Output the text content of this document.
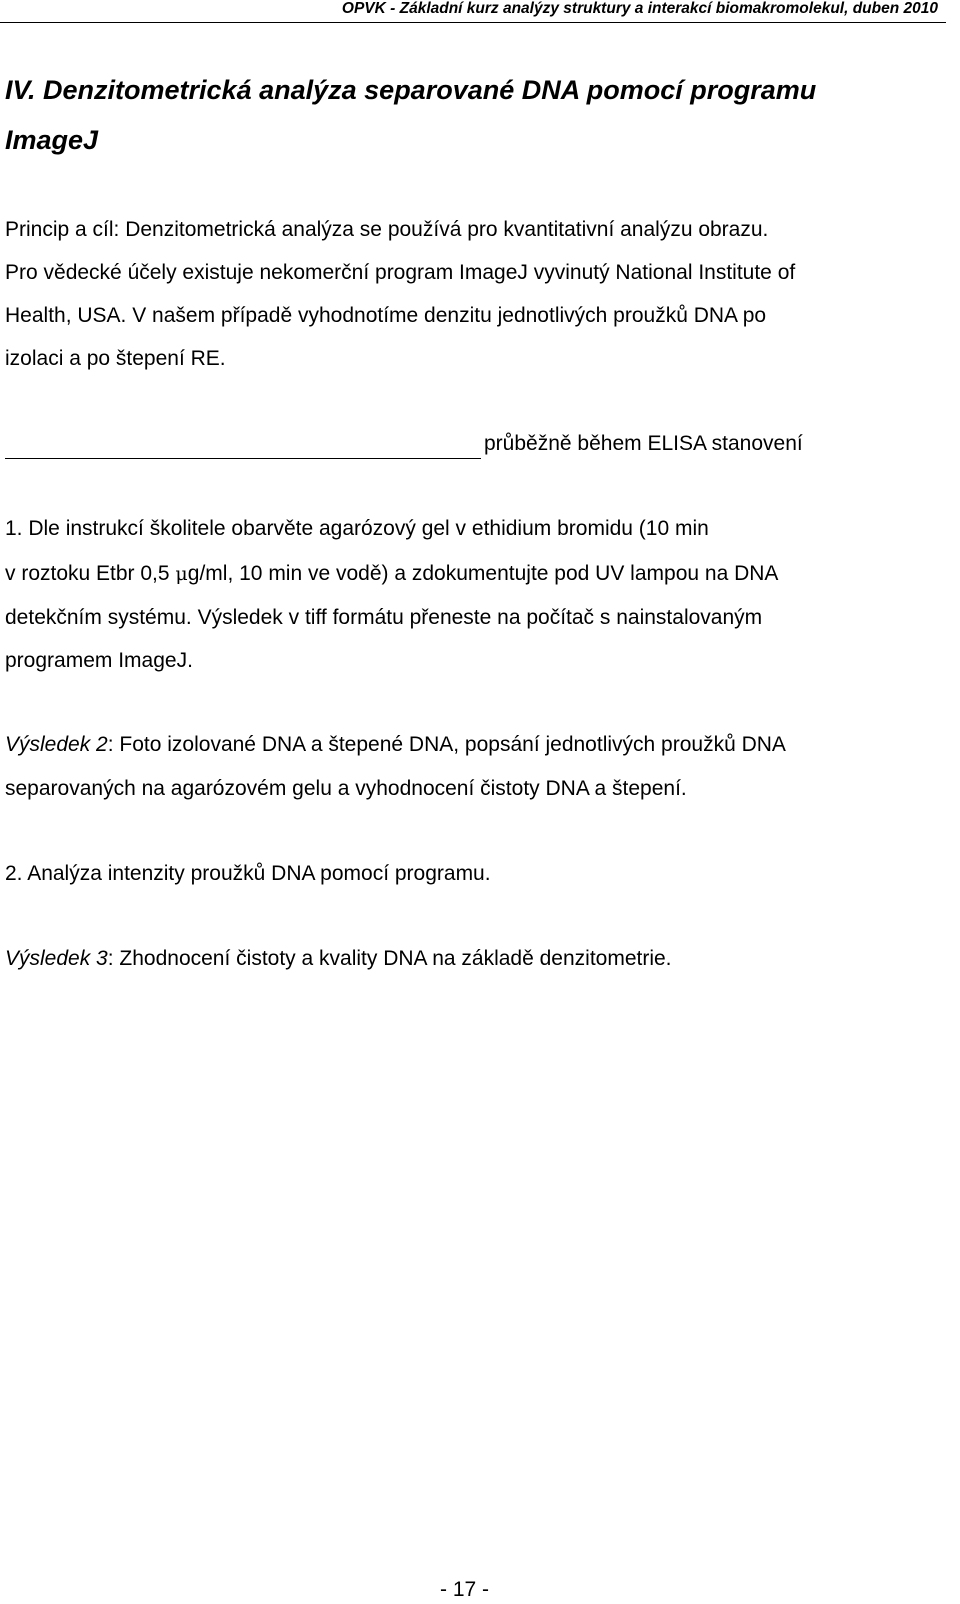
OPVK - Základní kurz analýzy struktury a interakcí biomakromolekul, duben 2010
IV. Denzitometrická analýza separované DNA pomocí programu
ImageJ
Princip a cíl: Denzitometrická analýza se používá pro kvantitativní analýzu obrazu.
Pro vědecké účely existuje nekomerční program ImageJ vyvinutý National Institute of
Health, USA. V našem případě vyhodnotíme denzitu jednotlivých proužků DNA po
izolaci a po štepení RE.
průběžně během ELISA stanovení
1. Dle instrukcí školitele obarvěte agarózový gel v ethidium bromidu (10 min
v roztoku Etbr 0,5 μg/ml, 10 min ve vodě) a zdokumentujte pod UV lampou na DNA
detekčním systému. Výsledek v tiff formátu přeneste na počítač s nainstalovaným
programem ImageJ.
Výsledek 2: Foto izolované DNA a štepené DNA, popsání jednotlivých proužků DNA
separovaných na agarózovém gelu a vyhodnocení čistoty DNA a štepení.
2. Analýza intenzity proužků DNA pomocí programu.
Výsledek 3: Zhodnocení čistoty a kvality DNA na základě denzitometrie.
- 17 -
